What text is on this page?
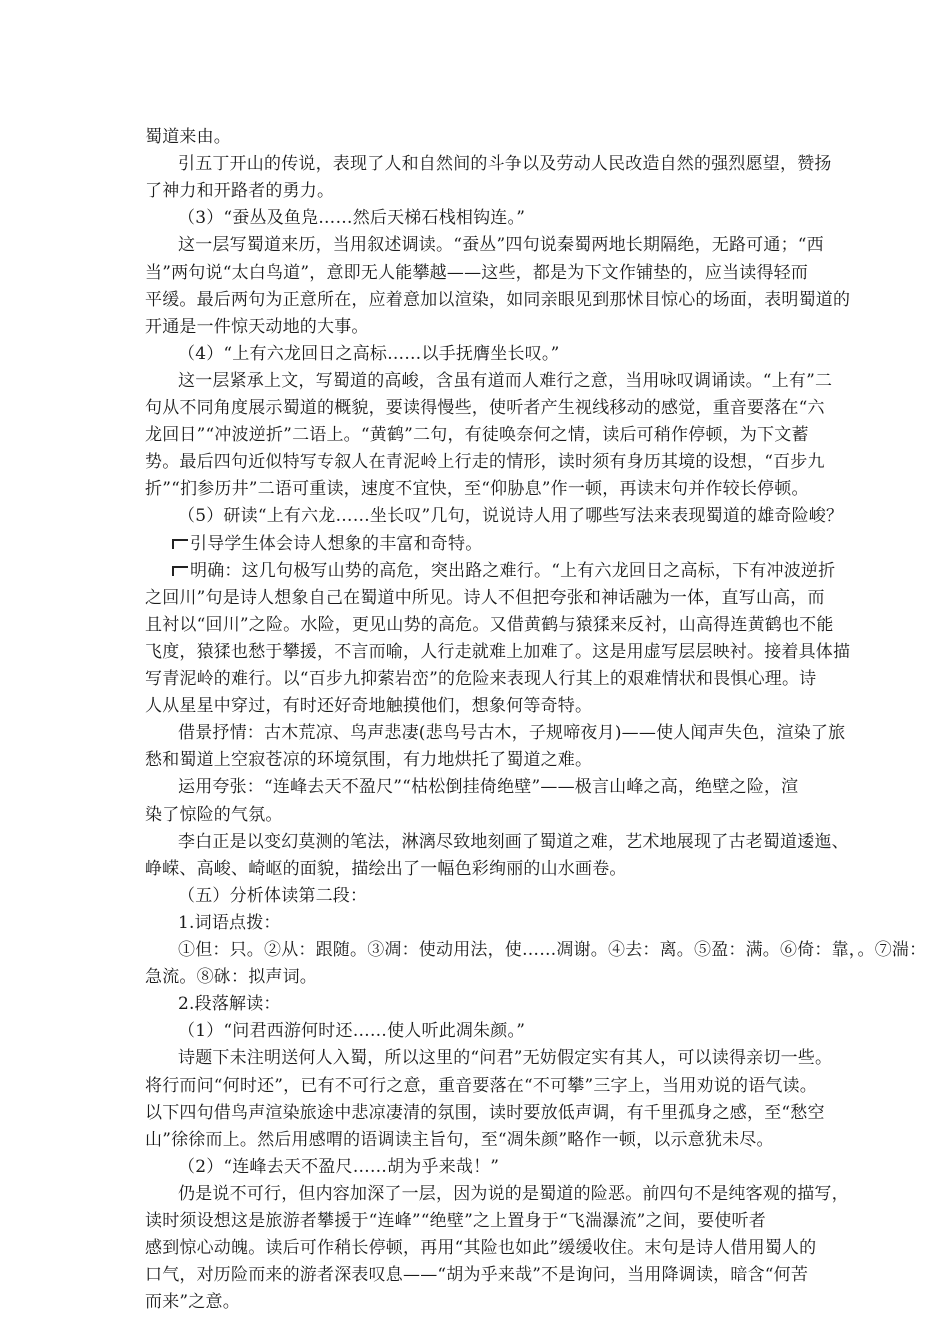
蜀道来由。
引五丁开山的传说，表现了人和自然间的斗争以及劳动人民改造自然的强烈愿望，赞扬
了神力和开路者的勇力。
（3）“蚕丛及鱼凫……然后天梯石栈相钩连。”
这一层写蜀道来历，当用叙述调读。“蚕丛”四句说秦蜀两地长期隔绝，无路可通；“西
当”两句说“太白鸟道”，意即无人能攀越——这些，都是为下文作铺垫的，应当读得轻而
平缓。最后两句为正意所在，应着意加以渲染，如同亲眼见到那怵目惊心的场面，表明蜀道的
开通是一件惊天动地的大事。
（4）“上有六龙回日之高标……以手抚膺坐长叹。”
这一层紧承上文，写蜀道的高峻，含虽有道而人难行之意，当用咏叹调诵读。“上有”二
句从不同角度展示蜀道的概貌，要读得慢些，使听者产生视线移动的感觉，重音要落在“六
龙回日”“冲波逆折”二语上。“黄鹤”二句，有徒唤奈何之情，读后可稍作停顿，为下文蓄
势。最后四句近似特写专叙人在青泥岭上行走的情形，读时须有身历其境的设想，“百步九
折”“扪参历井”二语可重读，速度不宜快，至“仰胁息”作一顿，再读末句并作较长停顿。
（5）研读“上有六龙……坐长叹”几句，说说诗人用了哪些写法来表现蜀道的雄奇险峻？
引导学生体会诗人想象的丰富和奇特。
明确：这几句极写山势的高危，突出路之难行。“上有六龙回日之高标，下有冲波逆折
之回川”句是诗人想象自己在蜀道中所见。诗人不但把夸张和神话融为一体，直写山高，而
且衬以“回川”之险。水险，更见山势的高危。又借黄鹤与猿猱来反衬，山高得连黄鹤也不能
飞度，猿猱也愁于攀援，不言而喻，人行走就难上加难了。这是用虚写层层映衬。接着具体描
写青泥岭的难行。以“百步九抑萦岩峦”的危险来表现人行其上的艰难情状和畏惧心理。诗
人从星星中穿过，有时还好奇地触摸他们，想象何等奇特。
借景抒情：古木荒凉、鸟声悲凄(悲鸟号古木，子规啼夜月)——使人闻声失色，渲染了旅
愁和蜀道上空寂苍凉的环境氛围，有力地烘托了蜀道之难。
运用夸张：“连峰去天不盈尺”“枯松倒挂倚绝壁”——极言山峰之高，绝壁之险，渲
染了惊险的气氛。
李白正是以变幻莫测的笔法，淋漓尽致地刻画了蜀道之难，艺术地展现了古老蜀道逶迤、
峥嵘、高峻、崎岖的面貌，描绘出了一幅色彩绚丽的山水画卷。
（五）分析体读第二段：
1.词语点拨：
①但：只。②从：跟随。③凋：使动用法，使……凋谢。④去：离。⑤盈：满。⑥倚：靠，。⑦湍：
急流。⑧砯：拟声词。
2.段落解读：
（1）“问君西游何时还……使人听此凋朱颜。”
诗题下未注明送何人入蜀，所以这里的“问君”无妨假定实有其人，可以读得亲切一些。
将行而问“何时还”，已有不可行之意，重音要落在“不可攀”三字上，当用劝说的语气读。
以下四句借鸟声渲染旅途中悲凉凄清的氛围，读时要放低声调，有千里孤身之感，至“愁空
山”徐徐而上。然后用感喟的语调读主旨句，至“凋朱颜”略作一顿，以示意犹未尽。
（2）“连峰去天不盈尺……胡为乎来哉！”
仍是说不可行，但内容加深了一层，因为说的是蜀道的险恶。前四句不是纯客观的描写，
读时须设想这是旅游者攀援于“连峰”“绝壁”之上置身于“飞湍瀑流”之间，要使听者
感到惊心动魄。读后可作稍长停顿，再用“其险也如此”缓缓收住。末句是诗人借用蜀人的
口气，对历险而来的游者深表叹息——“胡为乎来哉”不是询问，当用降调读，暗含“何苦
而来”之意。
